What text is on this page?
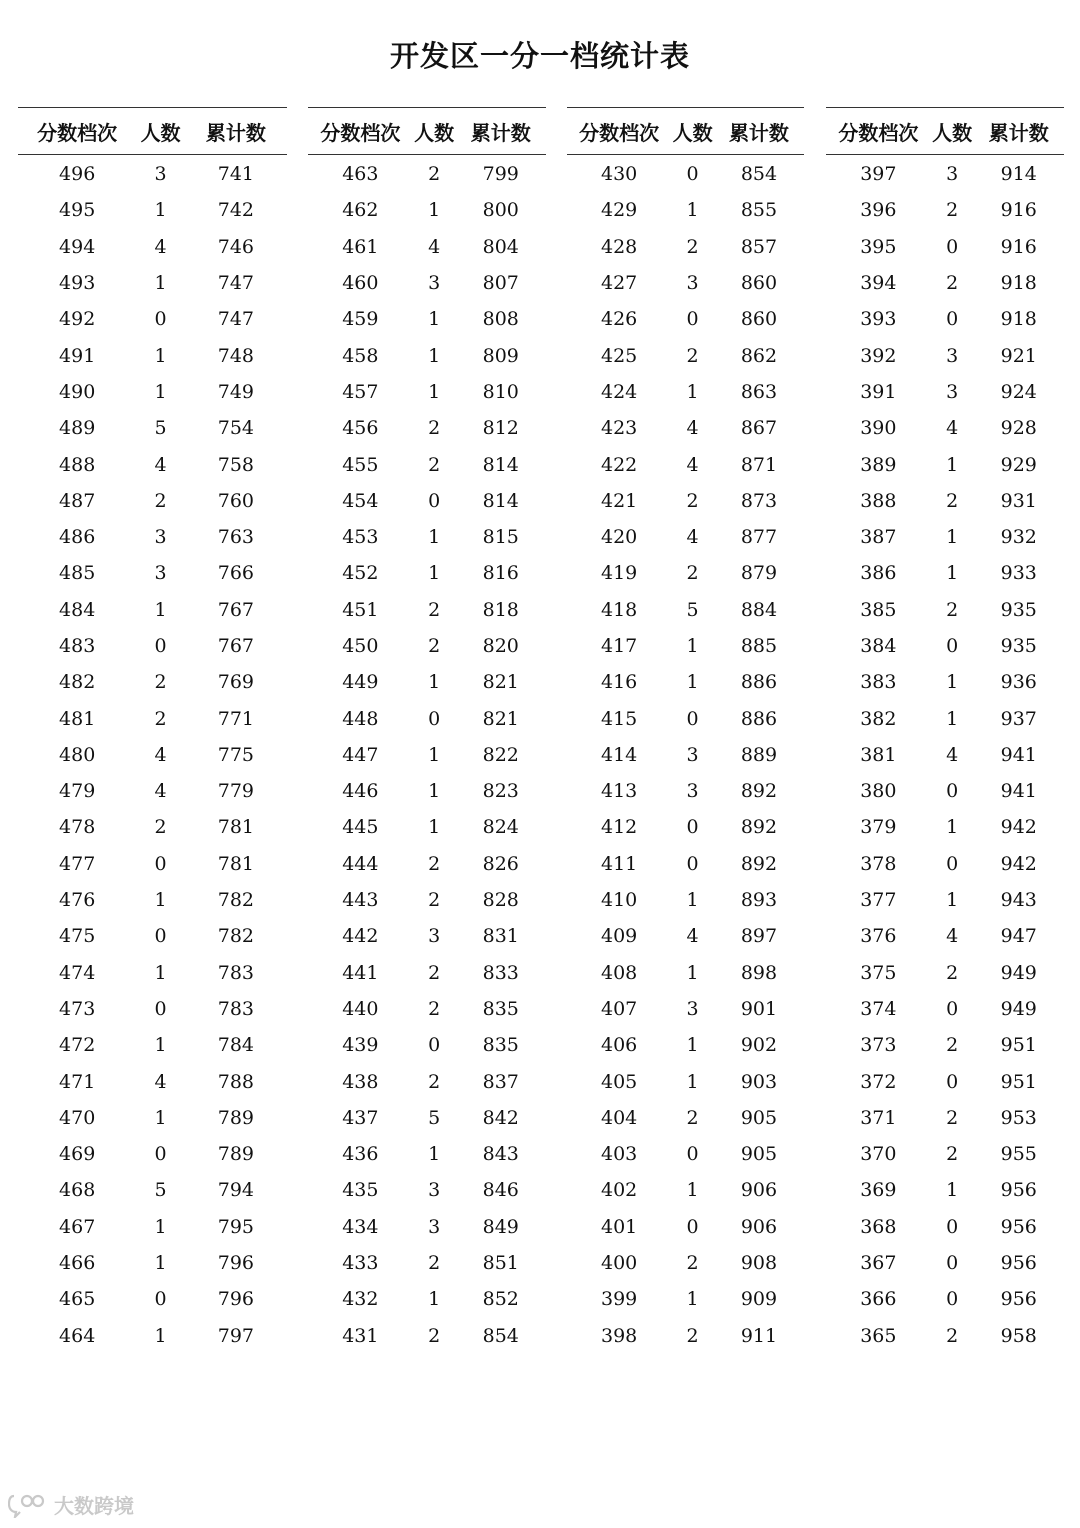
开发区一分一档统计表
分数档次	人数	累计数
496	3	741
495	1	742
494	4	746
493	1	747
492	0	747
491	1	748
490	1	749
489	5	754
488	4	758
487	2	760
486	3	763
485	3	766
484	1	767
483	0	767
482	2	769
481	2	771
480	4	775
479	4	779
478	2	781
477	0	781
476	1	782
475	0	782
474	1	783
473	0	783
472	1	784
471	4	788
470	1	789
469	0	789
468	5	794
467	1	795
466	1	796
465	0	796
464	1	797
分数档次 人数 累计数
463	2	799
462	1	800
461	4	804
460	3	807
459	1	808
458	1	809
457	1	810
456	2	812
455	2	814
454	0	814
453	1	815
452	1	816
451	2	818
450	2	820
449	1	821
448	0	821
447	1	822
446	1	823
445	1	824
444	2	826
443	2	828
442	3	831
441	2	833
440	2	835
439	0	835
438	2	837
437	5	842
436	1	843
435	3	846
434	3	849
433	2	851
432	1	852
431	2	854
分数档次 人数 累计数
430	0	854
429	1	855
428	2	857
427	3	860
426	0	860
425	2	862
424	1	863
423	4	867
422	4	871
421	2	873
420	4	877
419	2	879
418	5	884
417	1	885
416	1	886
415	0	886
414	3	889
413	3	892
412	0	892
411	0	892
410	1	893
409	4	897
408	1	898
407	3	901
406	1	902
405	1	903
404	2	905
403	0	905
402	1	906
401	0	906
400	2	908
399	1	909
398	2	911
分数档次 人数 累计数
397	3	914
396	2	916
395	0	916
394	2	918
393	0	918
392	3	921
391	3	924
390	4	928
389	1	929
388	2	931
387	1	932
386	1	933
385	2	935
384	0	935
383	1	936
382	1	937
381	4	941
380	0	941
379	1	942
378	0	942
377	1	943
376	4	947
375	2	949
374	0	949
373	2	951
372	0	951
371	2	953
370	2	955
369	1	956
368	0	956
367	0	956
366	0	956
365	2	958
大数跨境
